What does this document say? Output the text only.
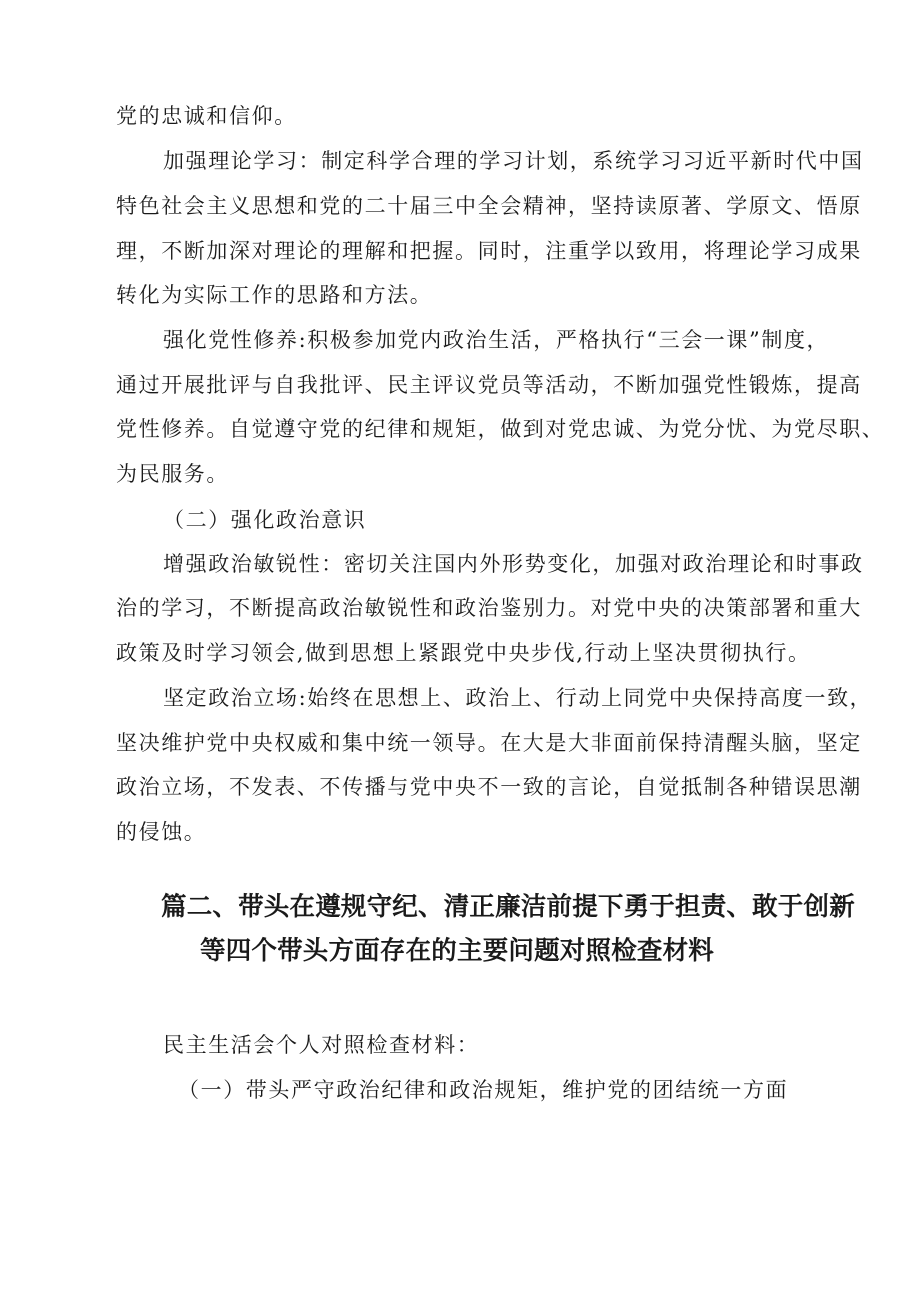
党的忠诚和信仰。
加强理论学习：制定科学合理的学习计划，系统学习习近平新时代中国
特色社会主义思想和党的二十届三中全会精神，坚持读原著、学原文、悟原
理，不断加深对理论的理解和把握。同时，注重学以致用，将理论学习成果
转化为实际工作的思路和方法。
强化党性修养:积极参加党内政治生活，严格执行“三会一课”制度，
通过开展批评与自我批评、民主评议党员等活动，不断加强党性锻炼，提高
党性修养。自觉遵守党的纪律和规矩，做到对党忠诚、为党分忧、为党尽职、
为民服务。
（二）强化政治意识
增强政治敏锐性：密切关注国内外形势变化，加强对政治理论和时事政
治的学习，不断提高政治敏锐性和政治鉴别力。对党中央的决策部署和重大
政策及时学习领会,做到思想上紧跟党中央步伐,行动上坚决贯彻执行。
坚定政治立场:始终在思想上、政治上、行动上同党中央保持高度一致，
坚决维护党中央权威和集中统一领导。在大是大非面前保持清醒头脑，坚定
政治立场，不发表、不传播与党中央不一致的言论，自觉抵制各种错误思潮
的侵蚀。
篇二、带头在遵规守纪、清正廉洁前提下勇于担责、敢于创新
等四个带头方面存在的主要问题对照检查材料
民主生活会个人对照检查材料：
（一）带头严守政治纪律和政治规矩，维护党的团结统一方面
